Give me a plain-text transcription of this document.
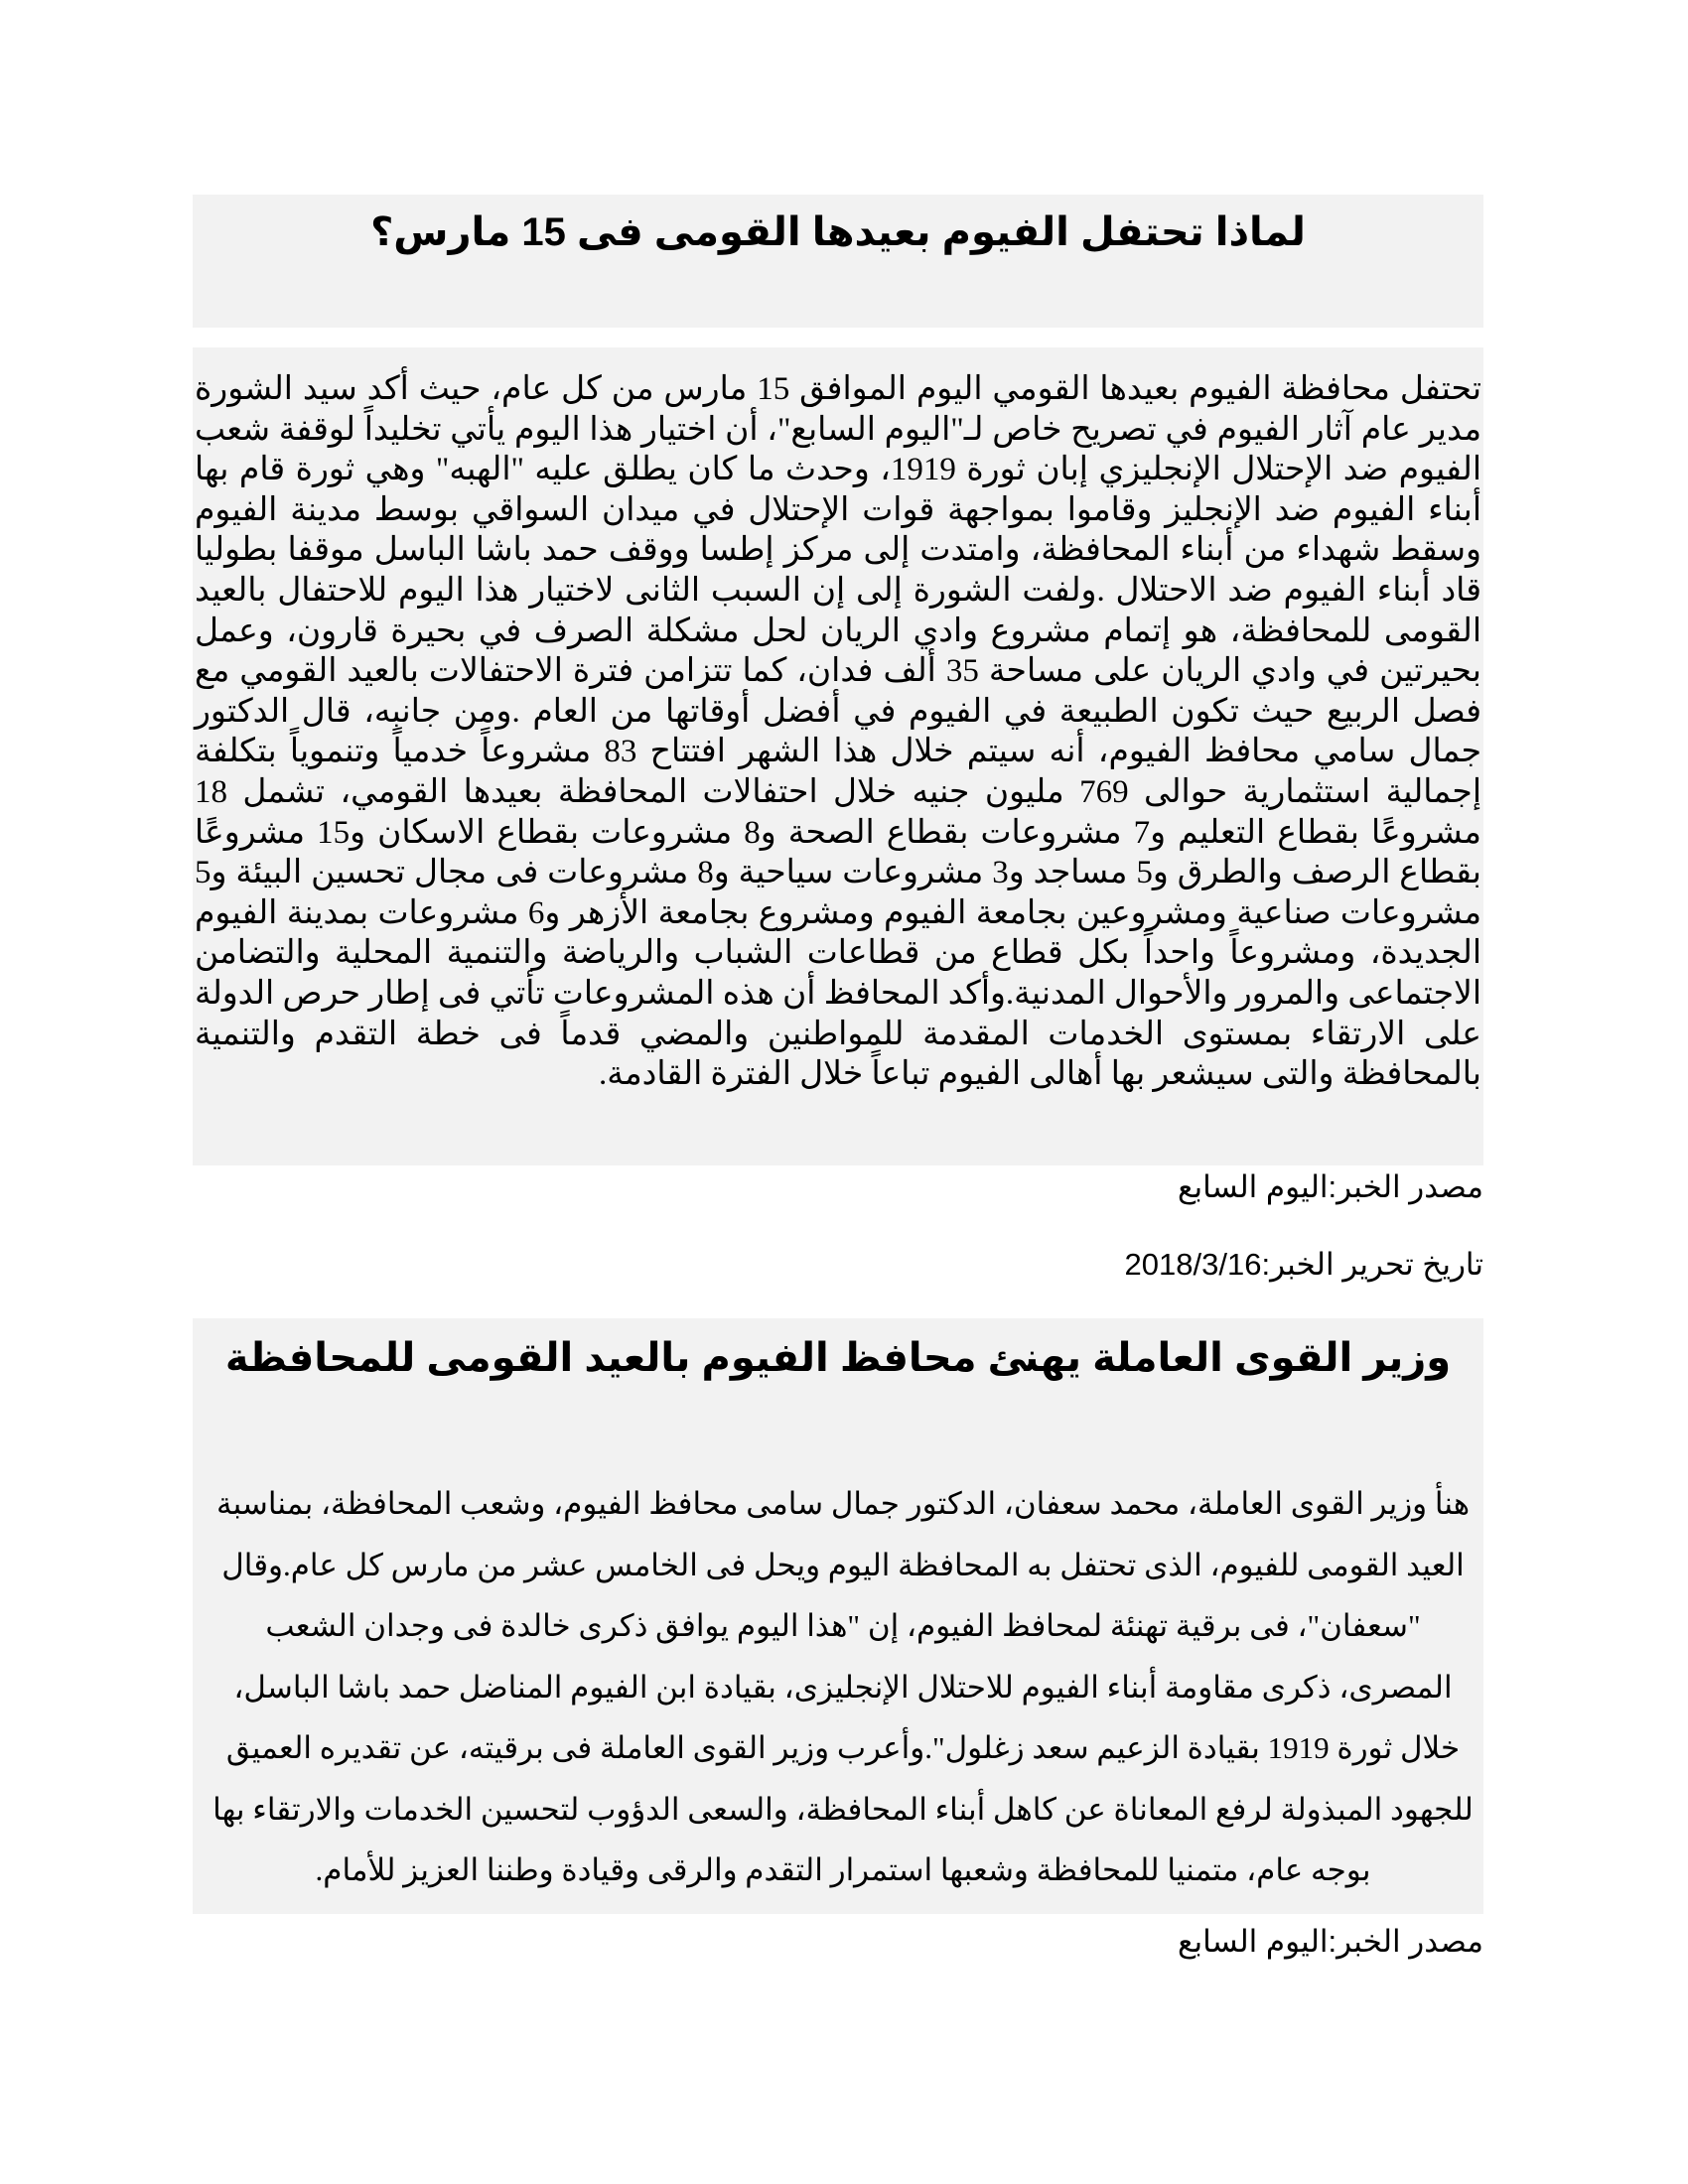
لماذا تحتفل الفيوم بعيدها القومى فى 15 مارس؟

تحتفل محافظة الفيوم بعيدها القومي اليوم الموافق 15 مارس من كل عام، حيث أكد سيد الشورة مدير عام آثار الفيوم في تصريح خاص لـ"اليوم السابع"، أن اختيار هذا اليوم يأتي تخليداً لوقفة شعب الفيوم ضد الإحتلال الإنجليزي إبان ثورة 1919، وحدث ما كان يطلق عليه "الهبه" وهي ثورة قام بها أبناء الفيوم ضد الإنجليز وقاموا بمواجهة قوات الإحتلال في ميدان السواقي بوسط مدينة الفيوم وسقط شهداء من أبناء المحافظة، وامتدت إلى مركز إطسا ووقف حمد باشا الباسل موقفا بطوليا قاد أبناء الفيوم ضد الاحتلال .ولفت الشورة إلى إن السبب الثانى لاختيار هذا اليوم للاحتفال بالعيد القومى للمحافظة، هو إتمام مشروع وادي الريان لحل مشكلة الصرف في بحيرة قارون، وعمل بحيرتين في وادي الريان على مساحة 35 ألف فدان، كما تتزامن فترة الاحتفالات بالعيد القومي مع فصل الربيع حيث تكون الطبيعة في الفيوم في أفضل أوقاتها من العام .ومن جانبه، قال الدكتور جمال سامي محافظ الفيوم، أنه سيتم خلال هذا الشهر افتتاح 83 مشروعاً خدمياً وتنموياً بتكلفة إجمالية استثمارية حوالى 769 مليون جنيه خلال احتفالات المحافظة بعيدها القومي، تشمل 18 مشروعًا بقطاع التعليم و7 مشروعات بقطاع الصحة و8 مشروعات بقطاع الاسكان و15 مشروعًا بقطاع الرصف والطرق و5 مساجد و3 مشروعات سياحية و8 مشروعات فى مجال تحسين البيئة و5 مشروعات صناعية ومشروعين بجامعة الفيوم ومشروع بجامعة الأزهر و6 مشروعات بمدينة الفيوم الجديدة، ومشروعاً واحداً بكل قطاع من قطاعات الشباب والرياضة والتنمية المحلية والتضامن الاجتماعى والمرور والأحوال المدنية.وأكد المحافظ أن هذه المشروعات تأتي فى إطار حرص الدولة على الارتقاء بمستوى الخدمات المقدمة للمواطنين والمضي قدماً فى خطة التقدم والتنمية بالمحافظة والتى سيشعر بها أهالى الفيوم تباعاً خلال الفترة القادمة.

مصدر الخبر:اليوم السابع
تاريخ تحرير الخبر:2018/3/16
وزير القوى العاملة يهنئ محافظ الفيوم بالعيد القومى للمحافظة

هنأ وزير القوى العاملة، محمد سعفان، الدكتور جمال سامى محافظ الفيوم، وشعب المحافظة، بمناسبة العيد القومى للفيوم، الذى تحتفل به المحافظة اليوم ويحل فى الخامس عشر من مارس كل عام.وقال "سعفان"، فى برقية تهنئة لمحافظ الفيوم، إن "هذا اليوم يوافق ذكرى خالدة فى وجدان الشعب المصرى، ذكرى مقاومة أبناء الفيوم للاحتلال الإنجليزى، بقيادة ابن الفيوم المناضل حمد باشا الباسل، خلال ثورة 1919 بقيادة الزعيم سعد زغلول".وأعرب وزير القوى العاملة فى برقيته، عن تقديره العميق للجهود المبذولة لرفع المعاناة عن كاهل أبناء المحافظة، والسعى الدؤوب لتحسين الخدمات والارتقاء بها بوجه عام، متمنيا للمحافظة وشعبها استمرار التقدم والرقى وقيادة وطننا العزيز للأمام.

مصدر الخبر:اليوم السابع
